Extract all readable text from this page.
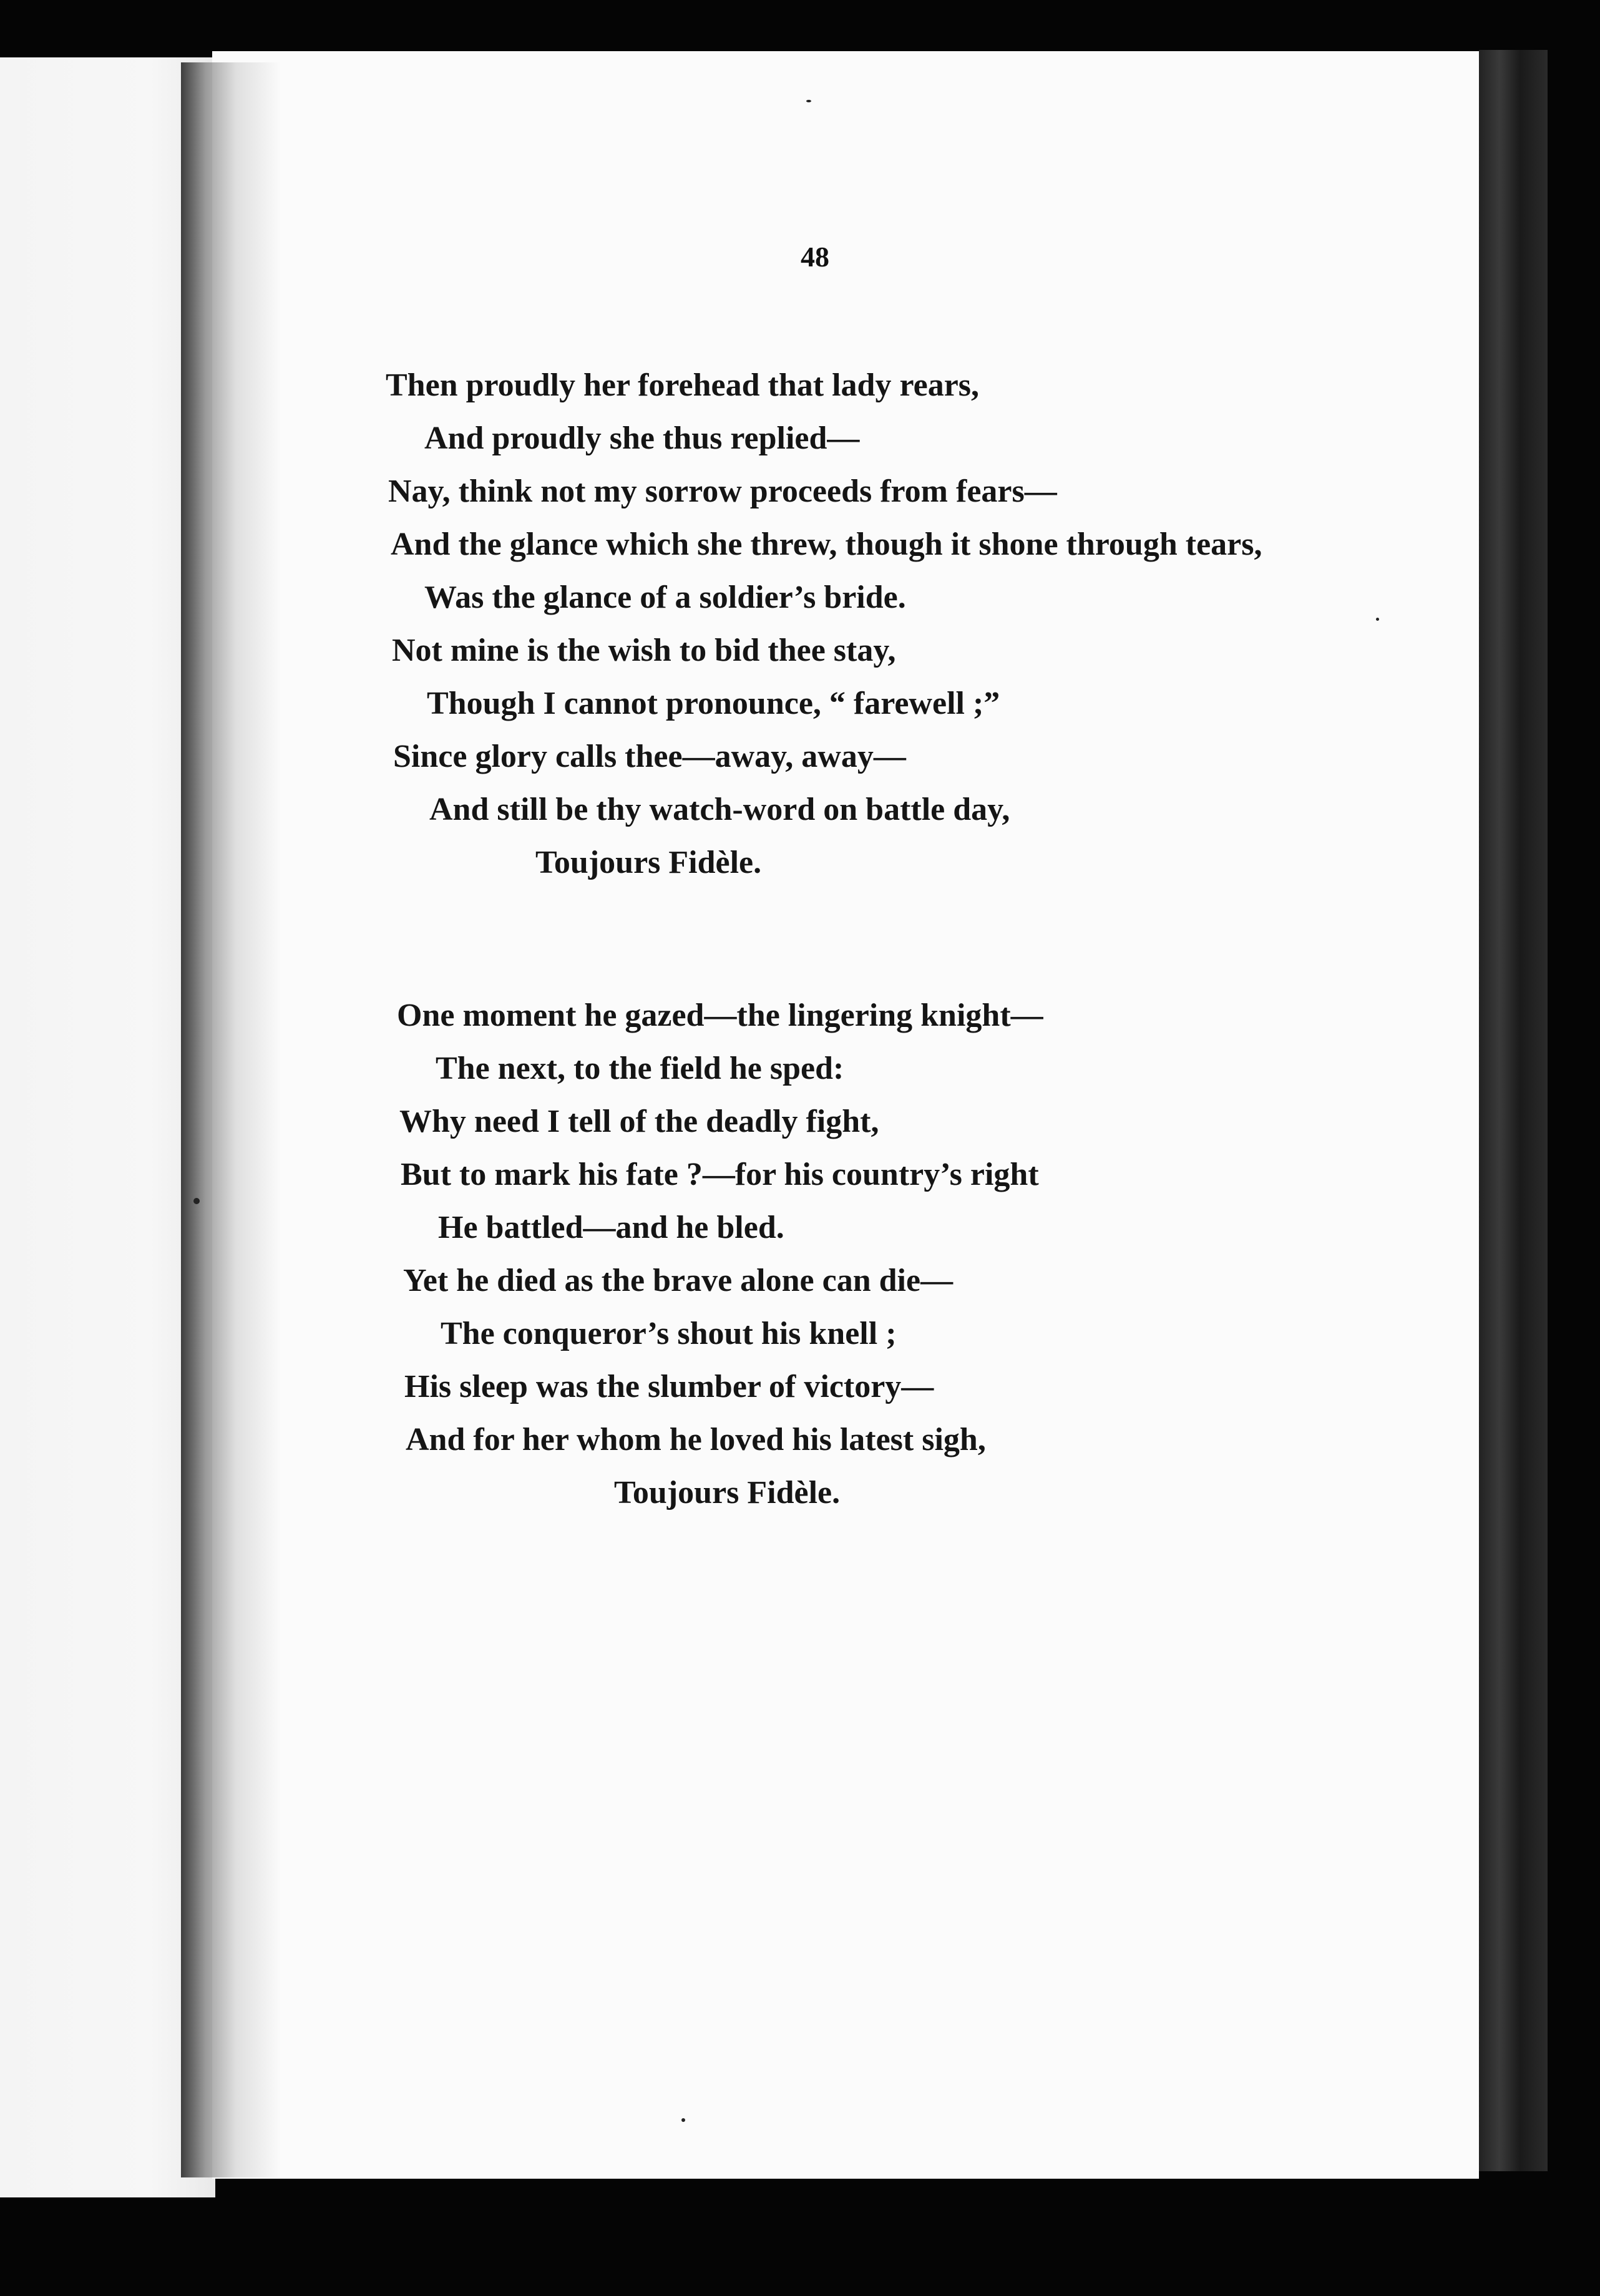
48
Then proudly her forehead that lady rears,
And proudly she thus replied—
Nay, think not my sorrow proceeds from fears—
And the glance which she threw, though it shone through tears,
Was the glance of a soldier’s bride.
Not mine is the wish to bid thee stay,
Though I cannot pronounce, “ farewell ;”
Since glory calls thee—away, away—
And still be thy watch-word on battle day,
Toujours Fidèle.
One moment he gazed—the lingering knight—
The next, to the field he sped:
Why need I tell of the deadly fight,
But to mark his fate ?—for his country’s right
He battled—and he bled.
Yet he died as the brave alone can die—
The conqueror’s shout his knell ;
His sleep was the slumber of victory—
And for her whom he loved his latest sigh,
Toujours Fidèle.
